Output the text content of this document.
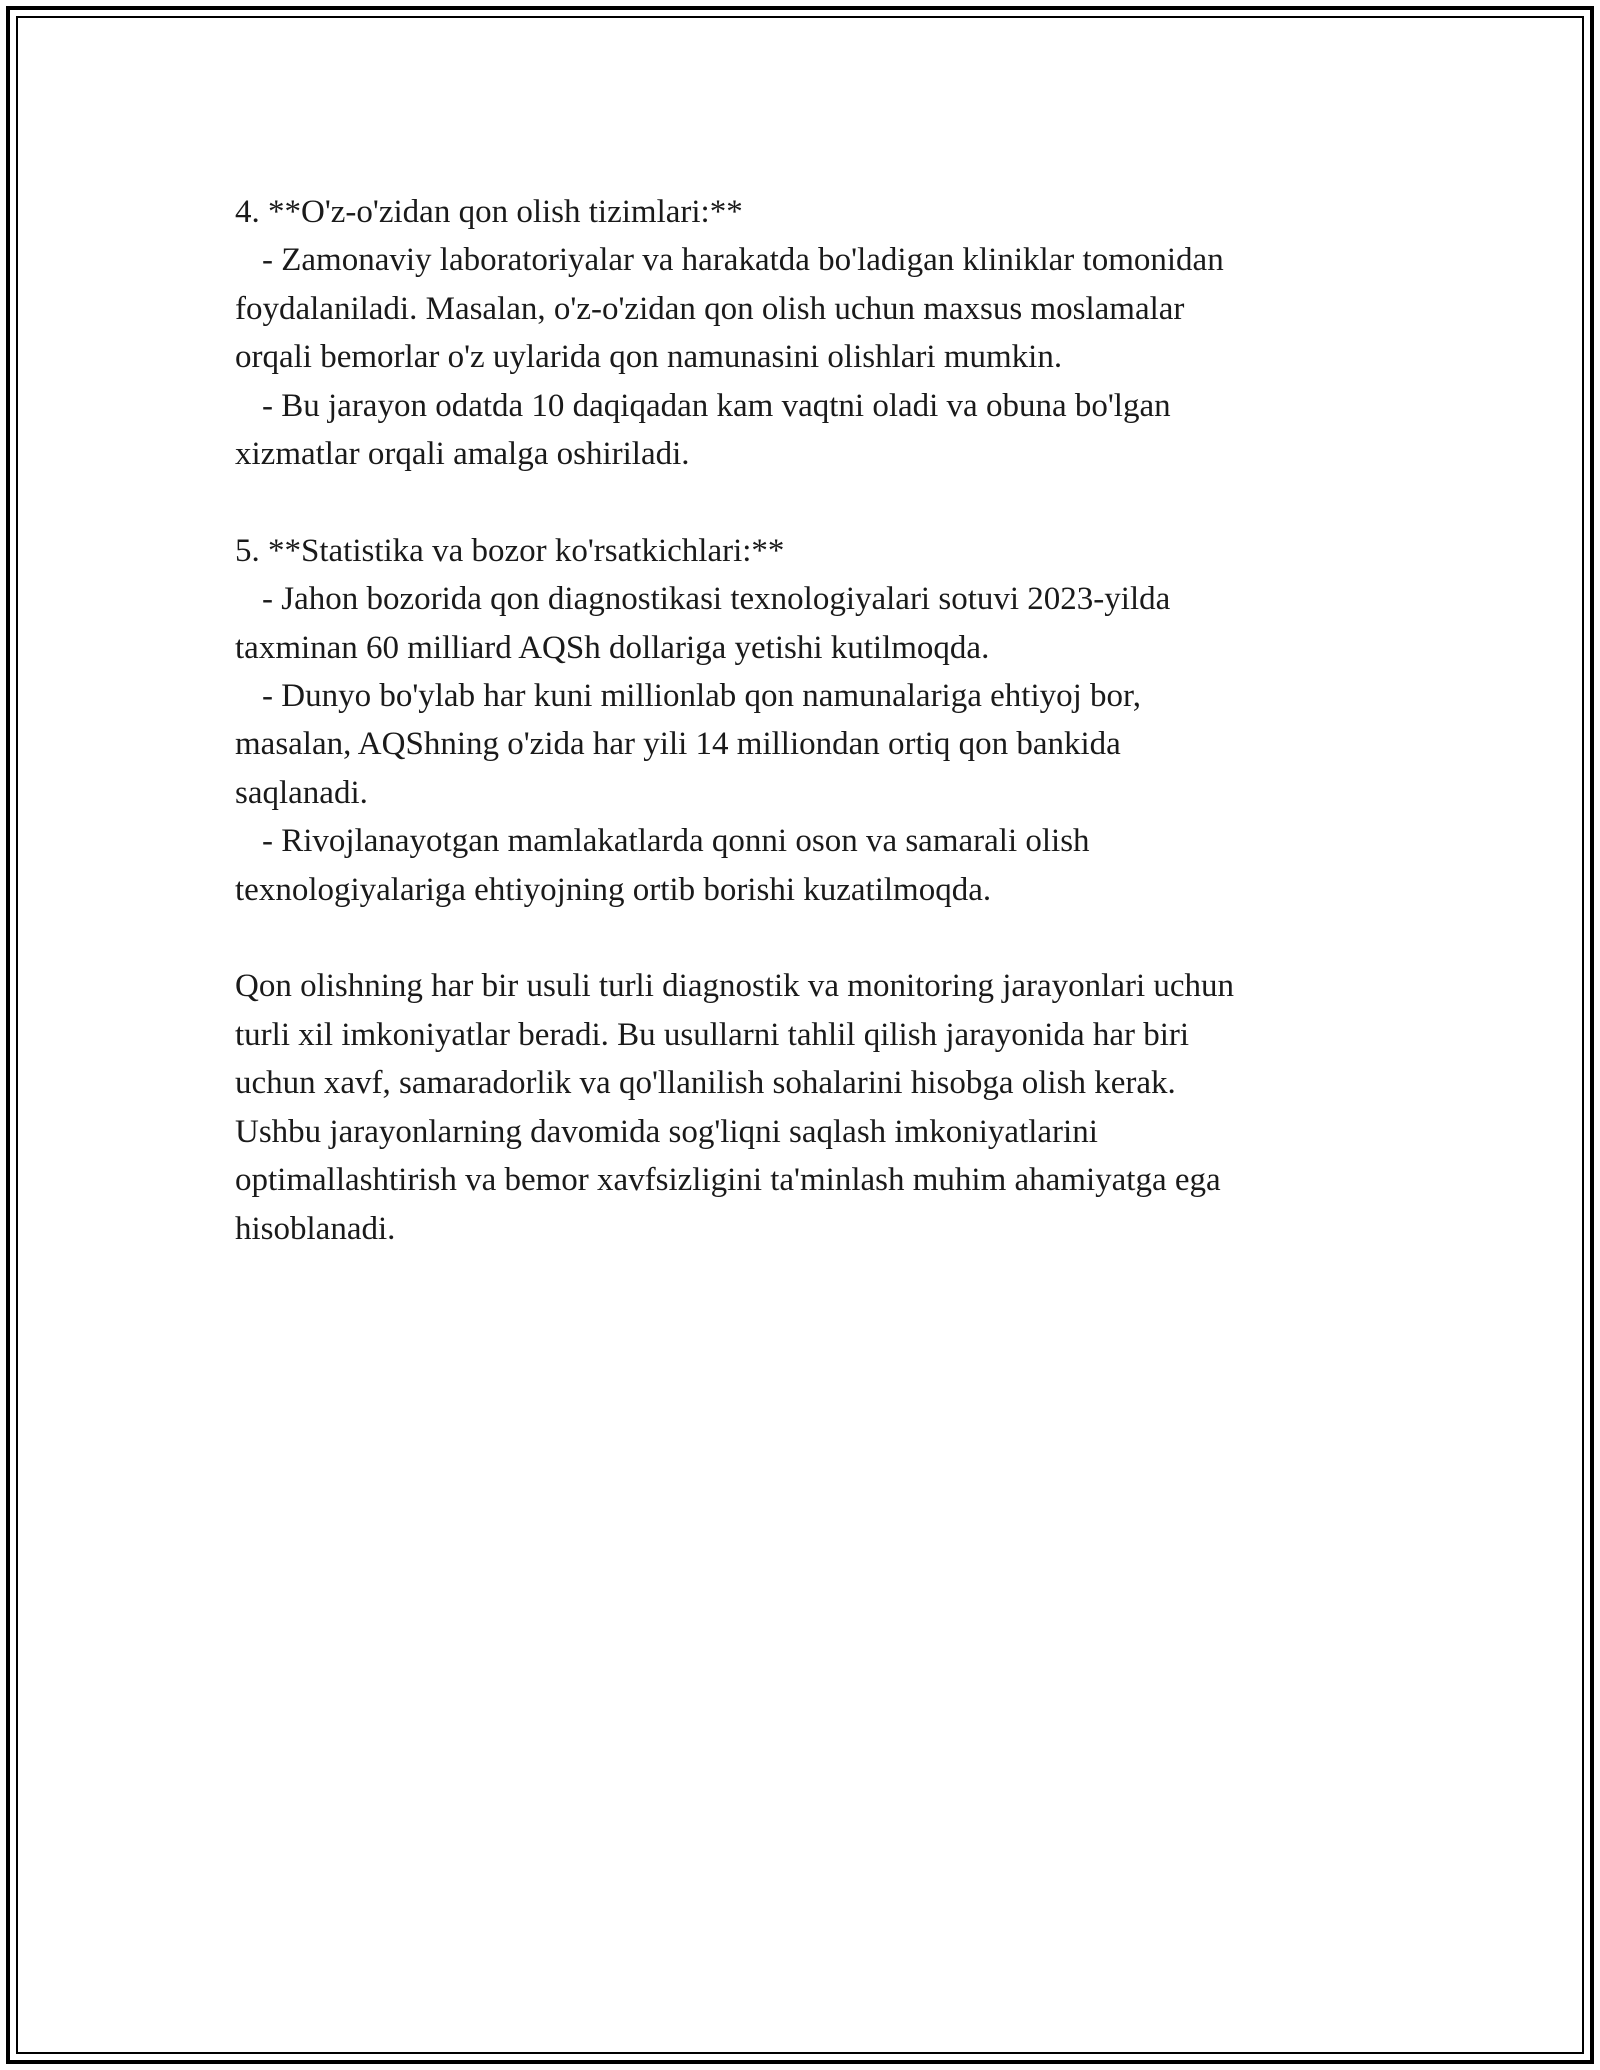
4. **O'z-o'zidan qon olish tizimlari:**
- Zamonaviy laboratoriyalar va harakatda bo'ladigan kliniklar tomonidan
foydalaniladi. Masalan, o'z-o'zidan qon olish uchun maxsus moslamalar
orqali bemorlar o'z uylarida qon namunasini olishlari mumkin.
- Bu jarayon odatda 10 daqiqadan kam vaqtni oladi va obuna bo'lgan
xizmatlar orqali amalga oshiriladi.
5. **Statistika va bozor ko'rsatkichlari:**
- Jahon bozorida qon diagnostikasi texnologiyalari sotuvi 2023-yilda
taxminan 60 milliard AQSh dollariga yetishi kutilmoqda.
- Dunyo bo'ylab har kuni millionlab qon namunalariga ehtiyoj bor,
masalan, AQShning o'zida har yili 14 milliondan ortiq qon bankida
saqlanadi.
- Rivojlanayotgan mamlakatlarda qonni oson va samarali olish
texnologiyalariga ehtiyojning ortib borishi kuzatilmoqda.
Qon olishning har bir usuli turli diagnostik va monitoring jarayonlari uchun
turli xil imkoniyatlar beradi. Bu usullarni tahlil qilish jarayonida har biri
uchun xavf, samaradorlik va qo'llanilish sohalarini hisobga olish kerak.
Ushbu jarayonlarning davomida sog'liqni saqlash imkoniyatlarini
optimallashtirish va bemor xavfsizligini ta'minlash muhim ahamiyatga ega
hisoblanadi.
